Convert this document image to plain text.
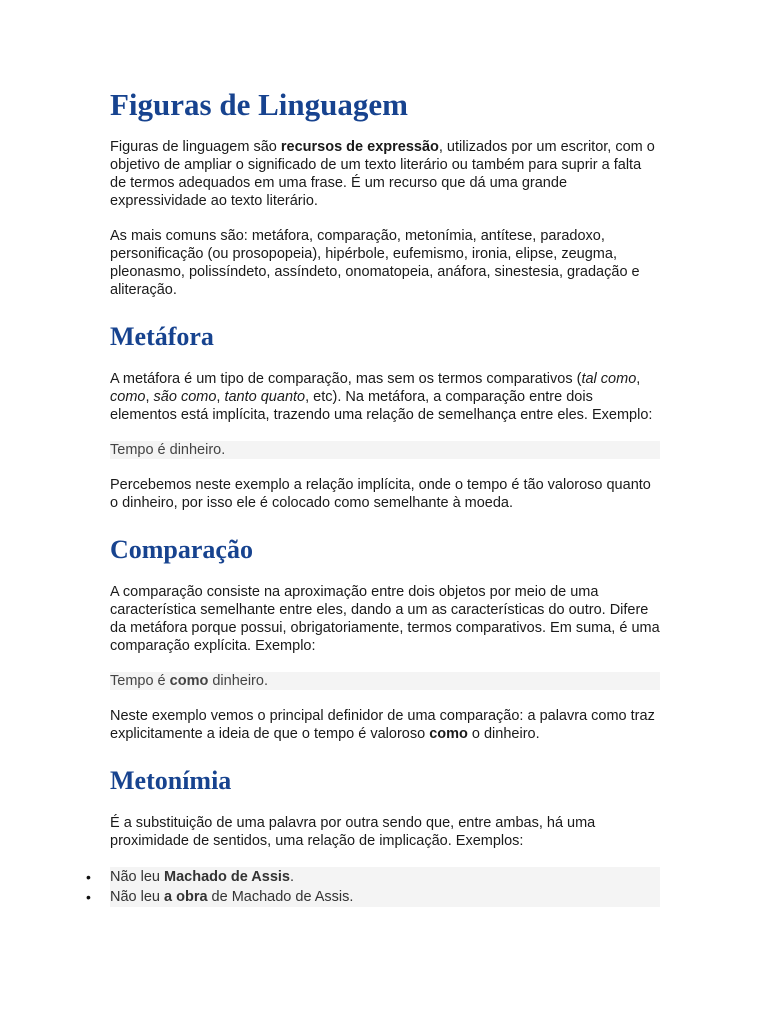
Figuras de Linguagem

Figuras de linguagem são recursos de expressão, utilizados por um escritor, com o objetivo de ampliar o significado de um texto literário ou também para suprir a falta de termos adequados em uma frase. É um recurso que dá uma grande expressividade ao texto literário.

As mais comuns são: metáfora, comparação, metonímia, antítese, paradoxo, personificação (ou prosopopeia), hipérbole, eufemismo, ironia, elipse, zeugma, pleonasmo, polissíndeto, assíndeto, onomatopeia, anáfora, sinestesia, gradação e aliteração.

Metáfora

A metáfora é um tipo de comparação, mas sem os termos comparativos (tal como, como, são como, tanto quanto, etc). Na metáfora, a comparação entre dois elementos está implícita, trazendo uma relação de semelhança entre eles. Exemplo:

Tempo é dinheiro.

Percebemos neste exemplo a relação implícita, onde o tempo é tão valoroso quanto o dinheiro, por isso ele é colocado como semelhante à moeda.

Comparação

A comparação consiste na aproximação entre dois objetos por meio de uma característica semelhante entre eles, dando a um as características do outro. Difere da metáfora porque possui, obrigatoriamente, termos comparativos. Em suma, é uma comparação explícita. Exemplo:

Tempo é como dinheiro.

Neste exemplo vemos o principal definidor de uma comparação: a palavra como traz explicitamente a ideia de que o tempo é valoroso como o dinheiro.

Metonímia

É a substituição de uma palavra por outra sendo que, entre ambas, há uma proximidade de sentidos, uma relação de implicação. Exemplos:

• Não leu Machado de Assis.
• Não leu a obra de Machado de Assis.
